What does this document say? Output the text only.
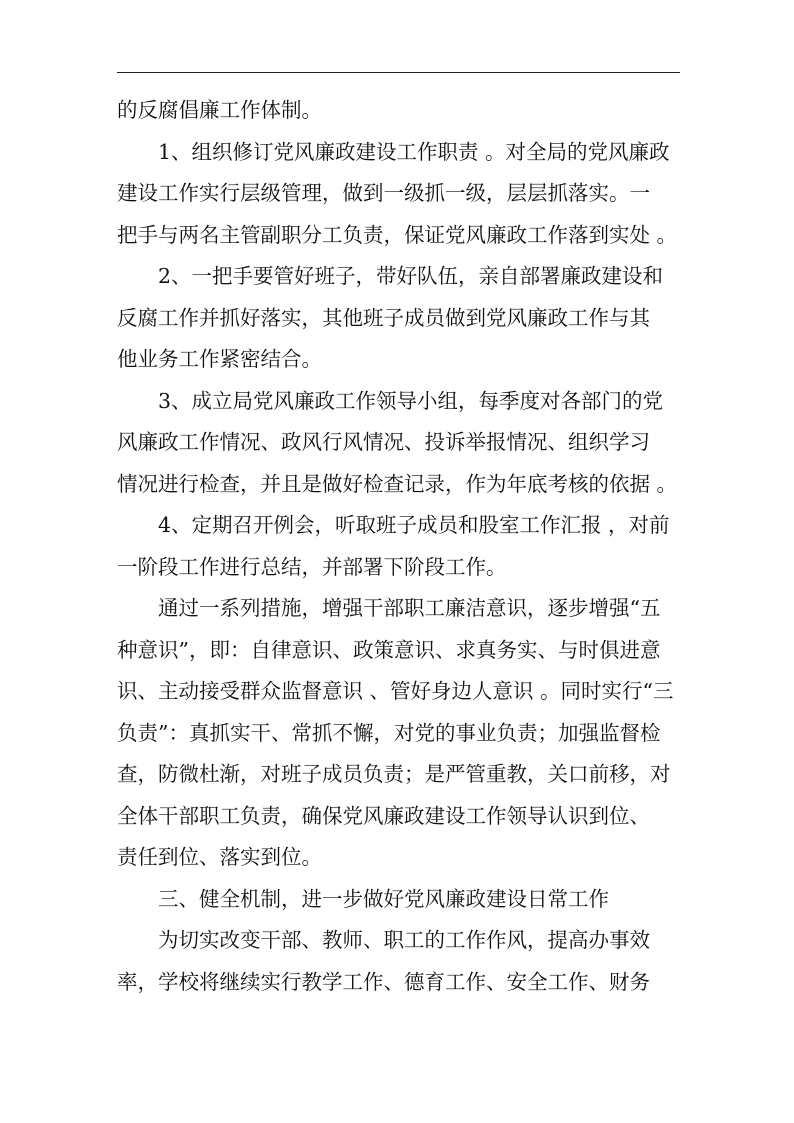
的反腐倡廉工作体制。
1、组织修订党风廉政建设工作职责 。对全局的党风廉政
建设工作实行层级管理，做到一级抓一级，层层抓落实。一
把手与两名主管副职分工负责，保证党风廉政工作落到实处 。
2、一把手要管好班子，带好队伍，亲自部署廉政建设和
反腐工作并抓好落实，其他班子成员做到党风廉政工作与其
他业务工作紧密结合。
3、成立局党风廉政工作领导小组，每季度对各部门的党
风廉政工作情况、政风行风情况、投诉举报情况、组织学习
情况进行检查，并且是做好检查记录，作为年底考核的依据 。
4、定期召开例会，听取班子成员和股室工作汇报 ，对前
一阶段工作进行总结，并部署下阶段工作。
通过一系列措施，增强干部职工廉洁意识，逐步增强“五
种意识”，即：自律意识、政策意识、求真务实、与时俱进意
识、主动接受群众监督意识 、管好身边人意识 。同时实行“三
负责”：真抓实干、常抓不懈，对党的事业负责；加强监督检
查，防微杜渐，对班子成员负责；是严管重教，关口前移，对
全体干部职工负责，确保党风廉政建设工作领导认识到位、
责任到位、落实到位。
三、健全机制，进一步做好党风廉政建设日常工作
为切实改变干部、教师、职工的工作作风，提高办事效
率，学校将继续实行教学工作、德育工作、安全工作、财务
